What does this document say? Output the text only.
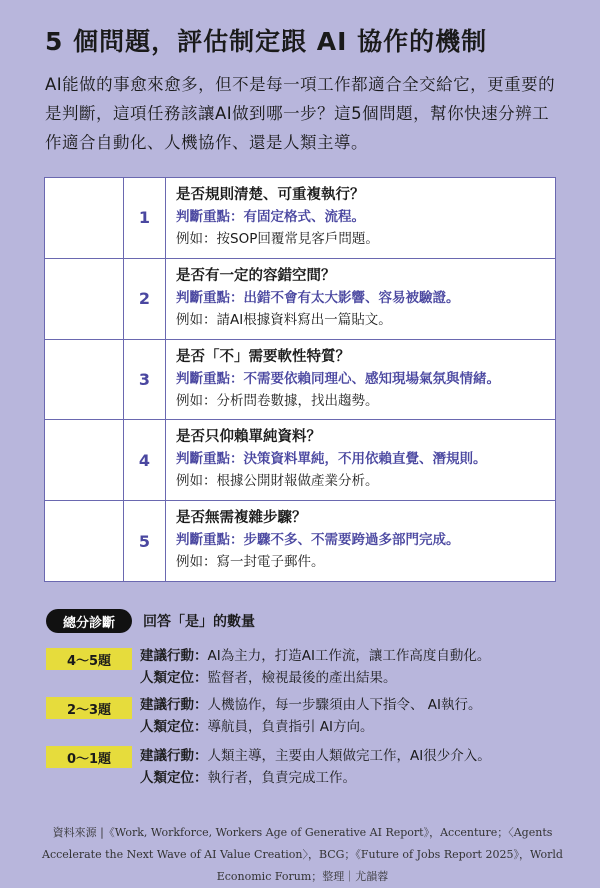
5 個問題，評估制定跟 AI 協作的機制
AI能做的事愈來愈多，但不是每一項工作都適合全交給它，更重要的是判斷，這項任務該讓AI做到哪一步？這5個問題，幫你快速分辨工作適合自動化、人機協作、還是人類主導。
1
是否規則清楚、可重複執行？
判斷重點：有固定格式、流程。
例如：按SOP回覆常見客戶問題。
2
是否有一定的容錯空間？
判斷重點：出錯不會有太大影響、容易被驗證。
例如：請AI根據資料寫出一篇貼文。
3
是否「不」需要軟性特質？
判斷重點：不需要依賴同理心、感知現場氣氛與情緒。
例如：分析問卷數據，找出趨勢。
4
是否只仰賴單純資料？
判斷重點：決策資料單純，不用依賴直覺、潛規則。
例如：根據公開財報做產業分析。
5
是否無需複雜步驟？
判斷重點：步驟不多、不需要跨過多部門完成。
例如：寫一封電子郵件。
總分診斷	回答「是」的數量
4～5題	建議行動：AI為主力，打造AI工作流，讓工作高度自動化。
人類定位：監督者，檢視最後的產出結果。
2～3題	建議行動：人機協作，每一步驟須由人下指令、 AI執行。
人類定位：導航員，負責指引 AI方向。
0～1題	建議行動：人類主導，主要由人類做完工作，AI很少介入。
人類定位：執行者，負責完成工作。
資料來源 |《Work, Workforce, Workers Age of Generative AI Report》，Accenture；〈Agents Accelerate the Next Wave of AI Value Creation〉，BCG；《Future of Jobs Report 2025》，World Economic Forum；整理｜尤韻蓉
